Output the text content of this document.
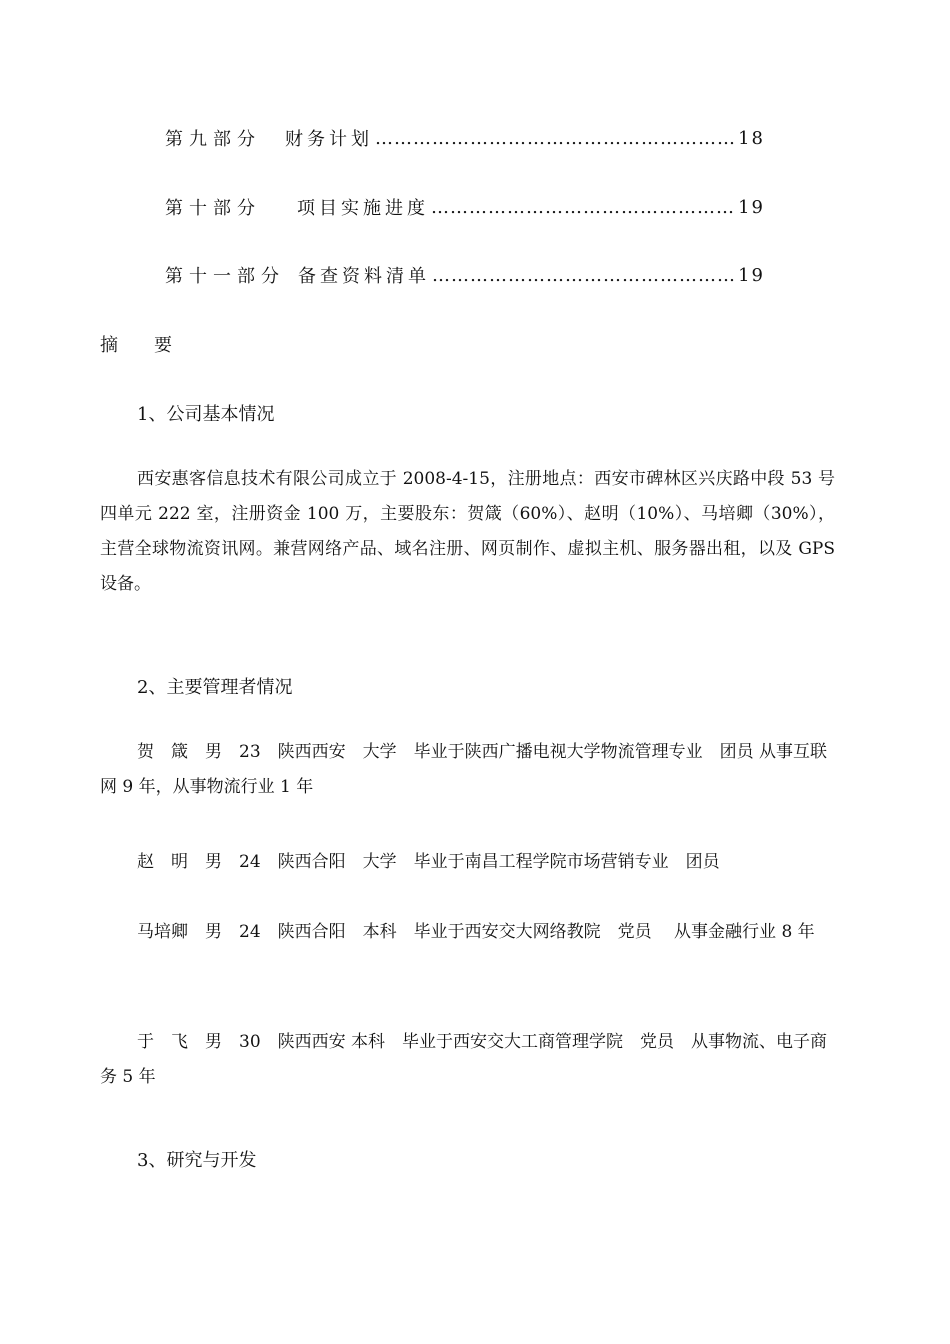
第九部分	财务计划 …………………………………………………………………………………………………………………………	18
第十部分	项目实施进度 …………………………………………………………………………………………………………………………	19
第十一部分 备查资料清单 …………………………………………………………………………………………………………………………	19
摘　　要
1、公司基本情况
西安惠客信息技术有限公司成立于 2008-4-15，注册地点：西安市碑林区兴庆路中段 53 号四单元 222 室，注册资金 100 万，主要股东：贺箴（60%）、赵明（10%）、马培卿（30%），主营全球物流资讯网。兼营网络产品、域名注册、网页制作、虚拟主机、服务器出租，以及 GPS 设备。
2、主要管理者情况
贺　箴　男　23　陕西西安　大学　毕业于陕西广播电视大学物流管理专业　团员 从事互联网 9 年，从事物流行业 1 年
赵　明　男　24　陕西合阳　大学　毕业于南昌工程学院市场营销专业　团员
马培卿　男　24　陕西合阳　本科　毕业于西安交大网络教院　党员　 从事金融行业 8 年
于　飞　男　30　陕西西安 本科　毕业于西安交大工商管理学院　党员　从事物流、电子商务 5 年
3、研究与开发
